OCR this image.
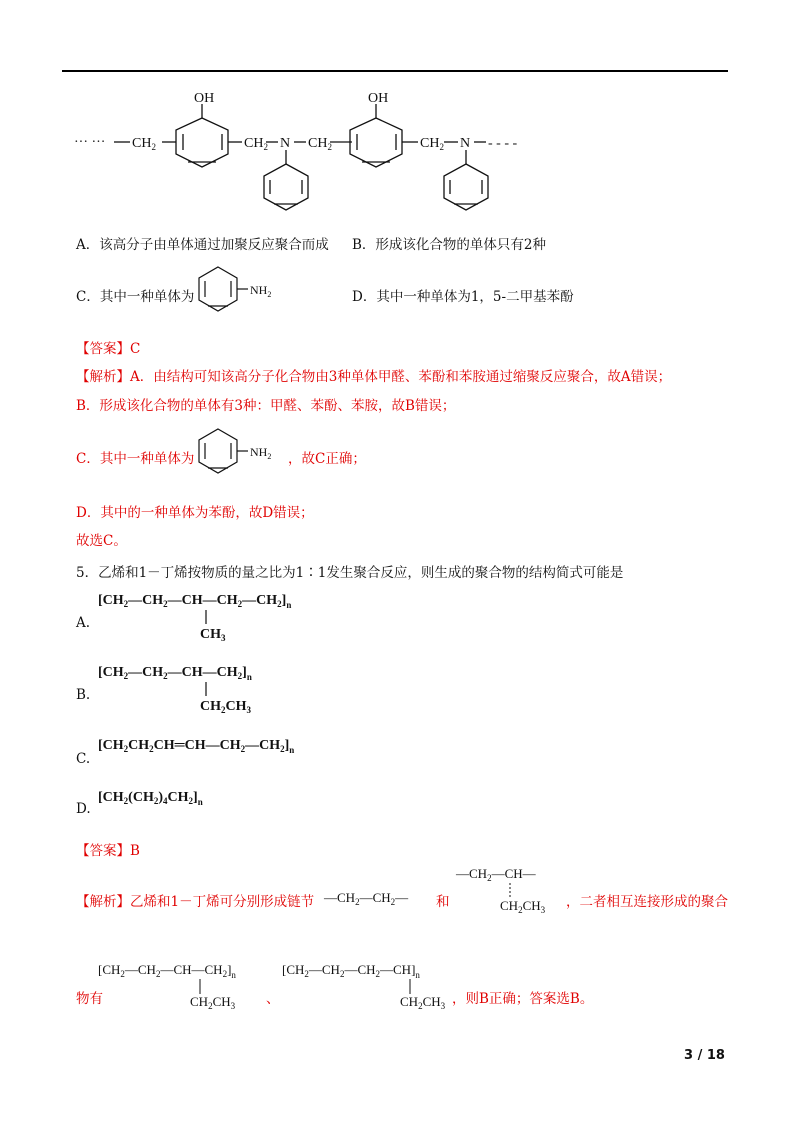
··· ··· $CH_2$
OH
$CH_2$ N $CH_2$
OH
$CH_2$ N - - - -
A．该高分子由单体通过加聚反应聚合而成 B．形成该化合物的单体只有2种
C．其中一种单体为	$NH_2$	D．其中一种单体为1，5-二甲基苯酚
【答案】C
【解析】A．由结构可知该高分子化合物由3种单体甲醛、苯酚和苯胺通过缩聚反应聚合，故A错误；
B．形成该化合物的单体有3种：甲醛、苯酚、苯胺，故B错误；
C．其中一种单体为	$NH_2$ ，故C正确；
D．其中的一种单体为苯酚，故D错误；
故选C。
5．乙烯和1－丁烯按物质的量之比为1∶1发生聚合反应，则生成的聚合物的结构简式可能是
A.
$[CH_2—CH_2—CH—CH_2—CH_2]_n$
$CH_3$
B.
$[CH_2—CH_2—CH—CH_2]_n$
$CH_2CH_3$
C.
$[CH_2CH_2CH═CH—CH_2—CH_2]_n$
D.
$[CH_2(CH_2)_4CH_2]_n$
【答案】B
【解析】乙烯和1－丁烯可分别形成链节 $—CH_2—CH_2—$ 和
$—CH_2—CH—$
$CH_2CH_3$ ，二者相互连接形成的聚合
物有
$[CH_2—CH_2—CH—CH_2]_n$
$CH_2CH_3$ 、
$[CH_2—CH_2—CH_2—CH]_n$
$CH_2CH_3$ ，则B正确；答案选B。
3 / 18
